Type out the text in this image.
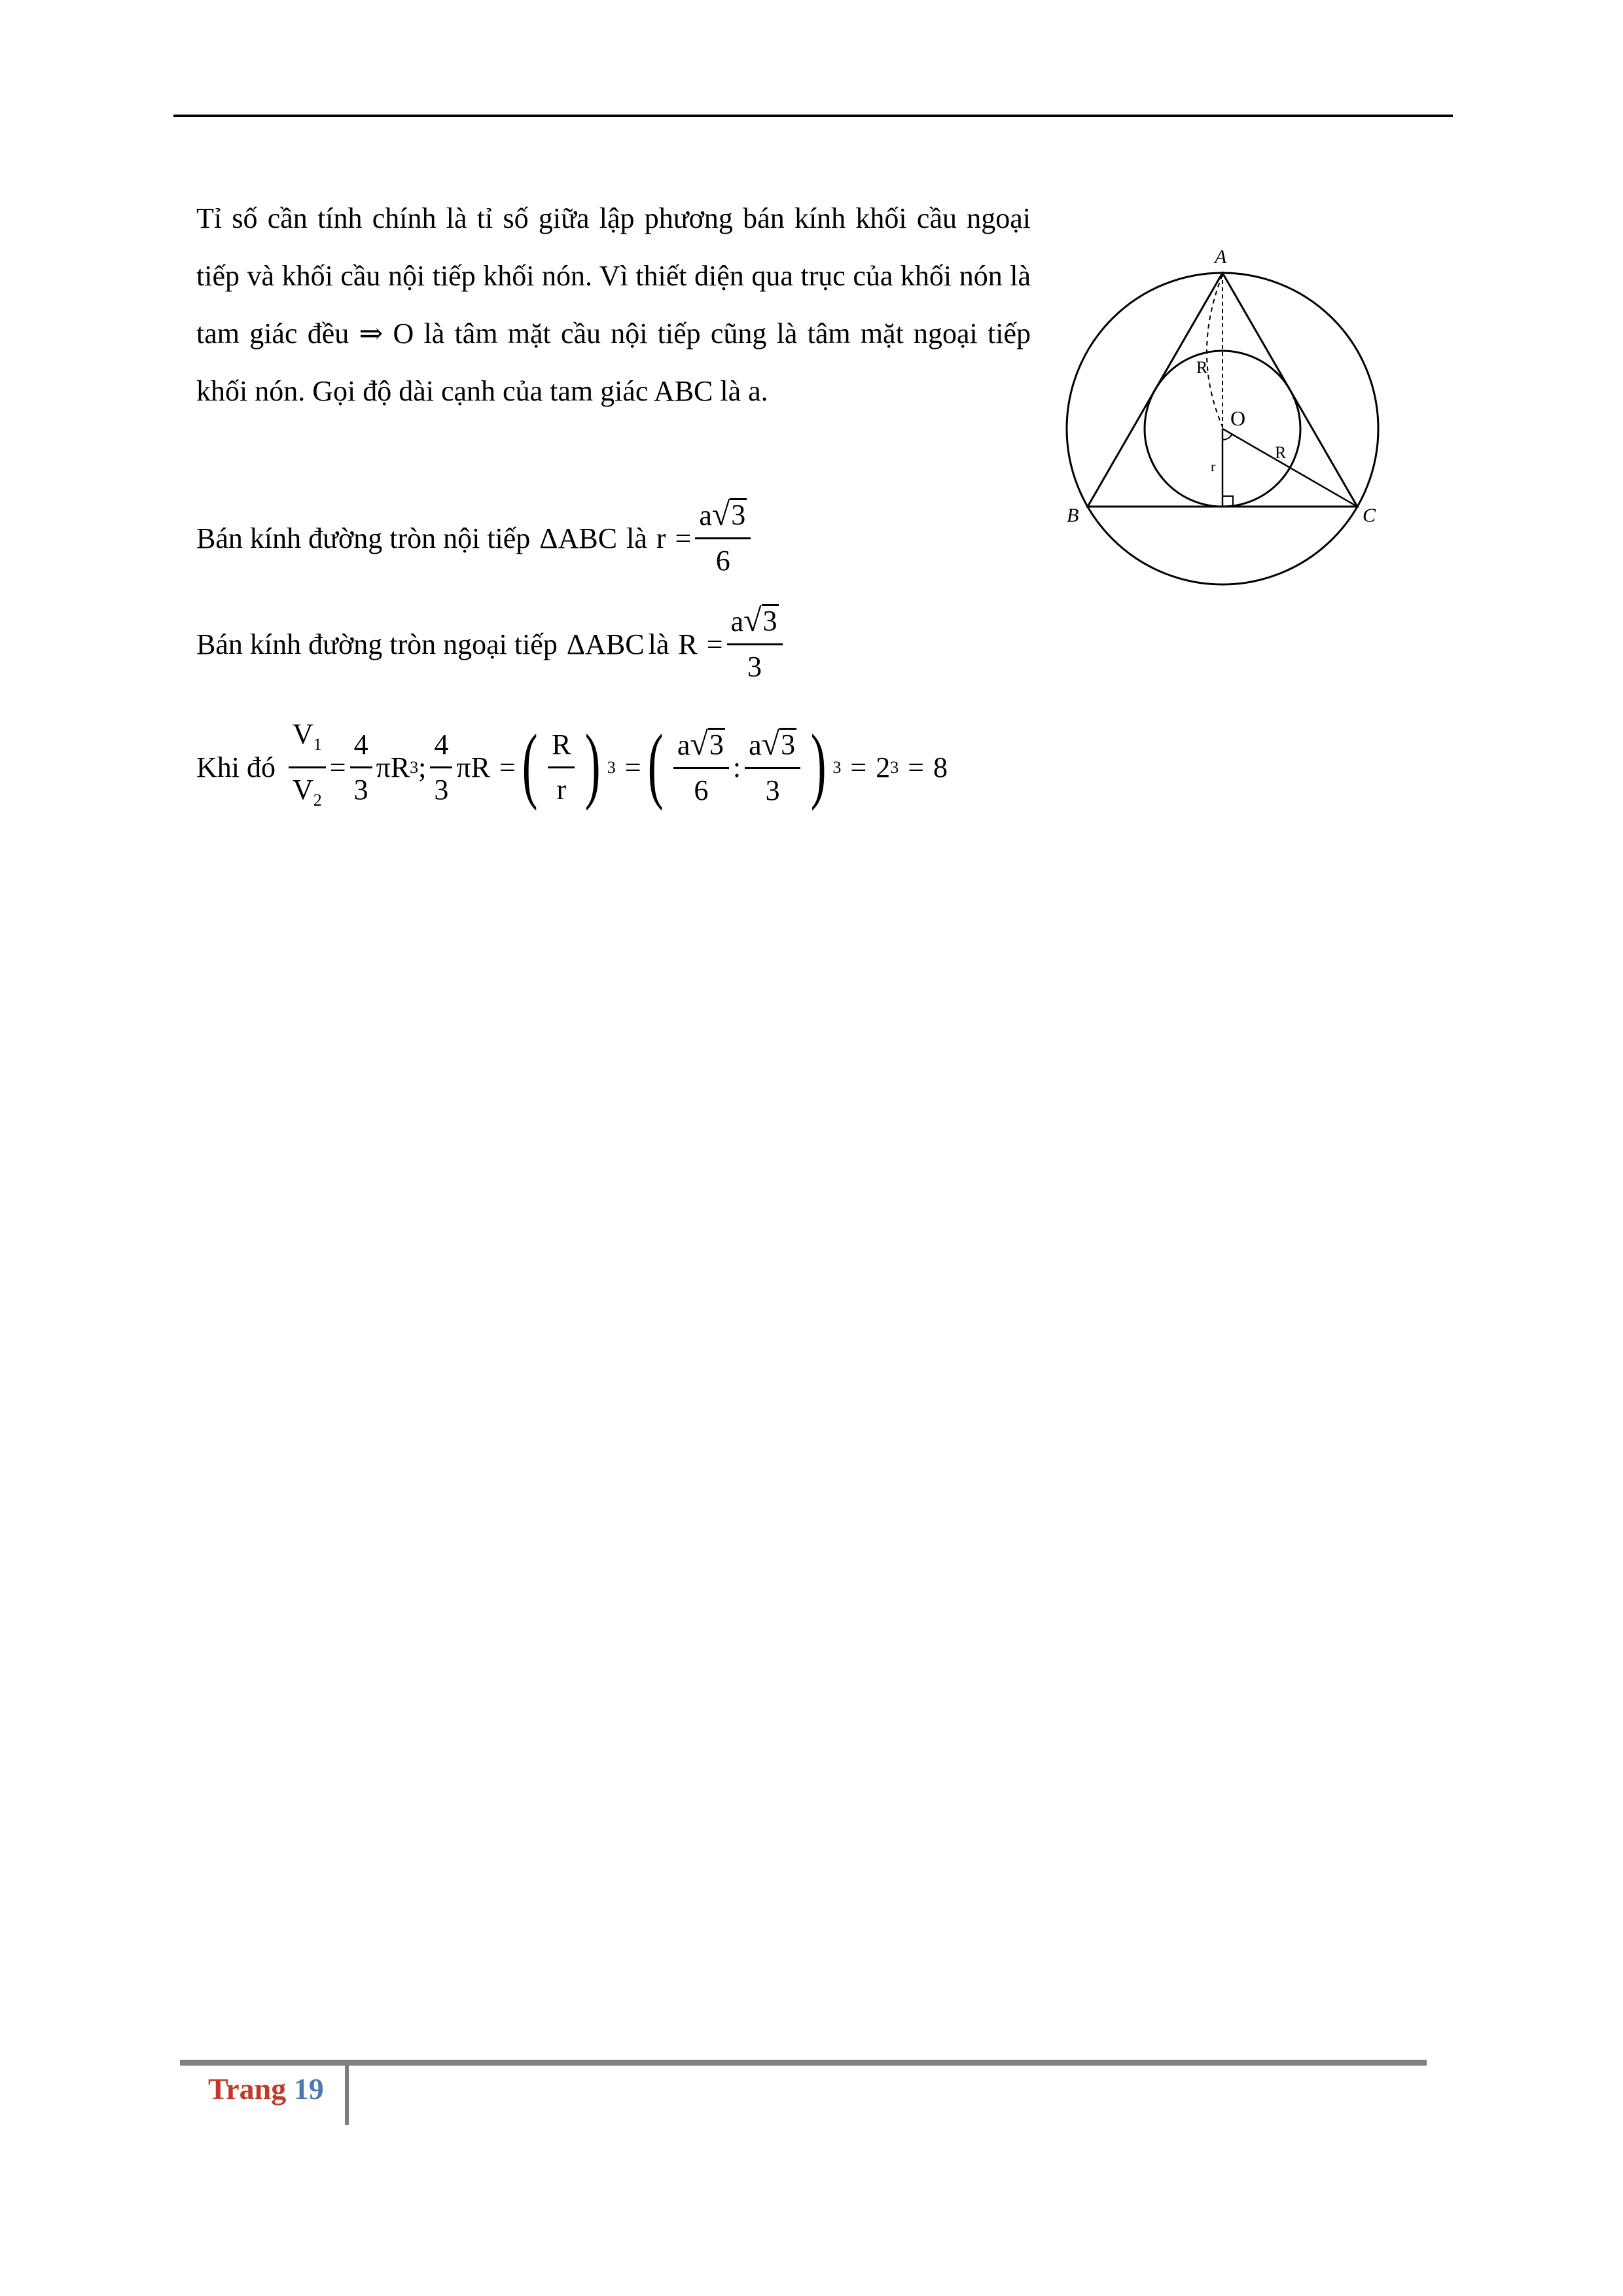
Tỉ số cần tính chính là tỉ số giữa lập phương bán kính khối cầu ngoại tiếp và khối cầu nội tiếp khối nón. Vì thiết diện qua trục của khối nón là tam giác đều ⇒ O là tâm mặt cầu nội tiếp cũng là tâm mặt ngoại tiếp khối nón. Gọi độ dài cạnh của tam giác ABC là a.

Bán kính đường tròn nội tiếp ΔABC là $r = \frac{a √ 3}{6}$
Bán kính đường tròn ngoại tiếp ΔABC là $R = \frac{a √ 3}{3}$
Khi đó $\frac{V_1}{V_2} = \frac{4}{3}$ πR 3 ; $\frac{4}{3}$ πR = ( $\frac{R}{r}$ ) 3 = ( $\frac{a √ 3}{6}$ : $\frac{a √ 3}{3}$ ) 3 = 2 3 = 8
A
B	C
O
R
R
r
Trang 19
